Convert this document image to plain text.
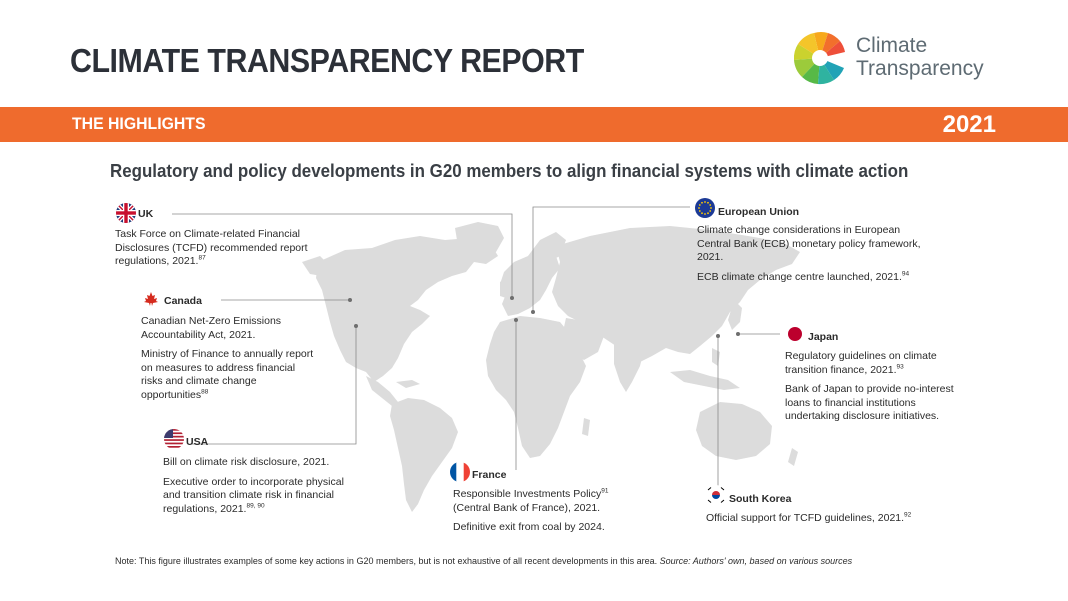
CLIMATE TRANSPARENCY REPORT	Climate
Transparency
THE HIGHLIGHTS	2021
Regulatory and policy developments in G20 members to align financial systems with climate action
UK

Task Force on Climate-related Financial Disclosures (TCFD) recommended report regulations, 2021.87

Canada

Canadian Net-Zero Emissions Accountability Act, 2021.

Ministry of Finance to annually report on measures to address financial risks and climate change opportunities$^{88}$

USA

Bill on climate risk disclosure, 2021.

Executive order to incorporate physical and transition climate risk in financial regulations, 2021.$^{89, 90}$

France

Responsible Investments Policy$^{91}$
(Central Bank of France), 2021.

Definitive exit from coal by 2024.

European Union

Climate change considerations in European Central Bank (ECB) monetary policy framework, 2021.

ECB climate change centre launched, 2021.94

Japan

Regulatory guidelines on climate transition finance, 2021.93

Bank of Japan to provide no-interest loans to financial institutions undertaking disclosure initiatives.

South Korea

Official support for TCFD guidelines, 2021.92

Note: This figure illustrates examples of some key actions in G20 members, but is not exhaustive of all recent developments in this area. Source: Authors' own, based on various sources
